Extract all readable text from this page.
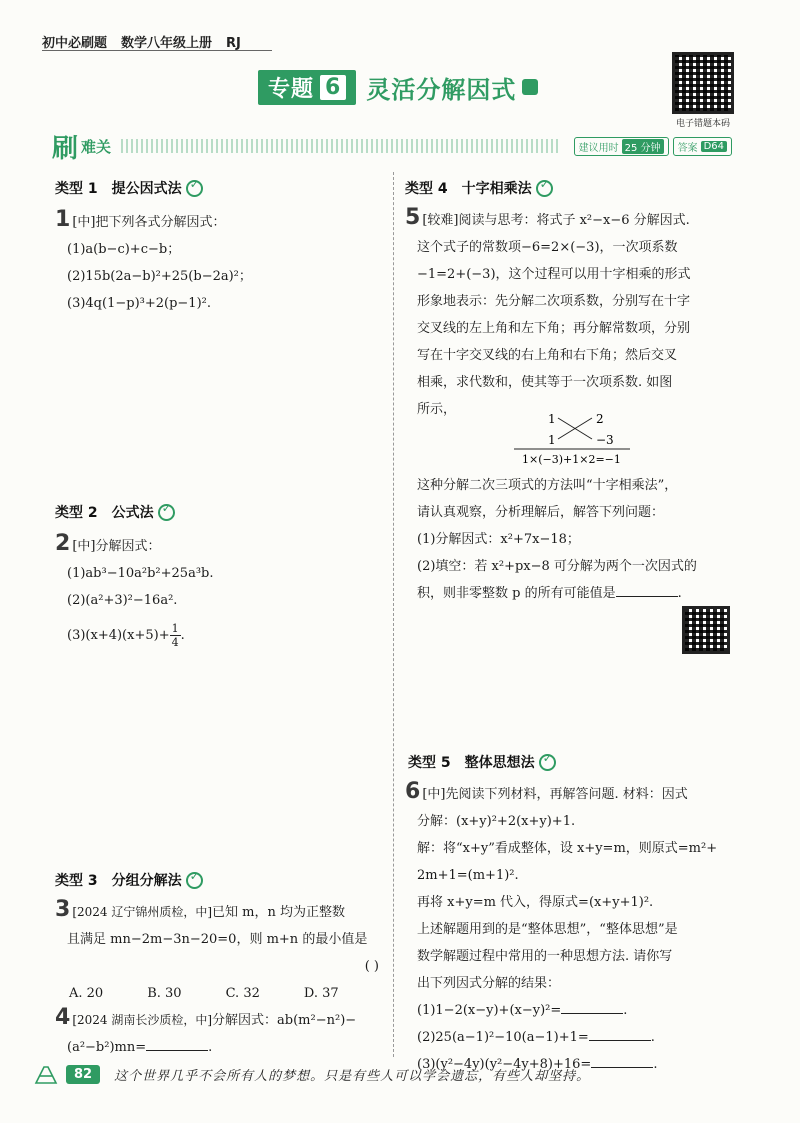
初中必刷题 数学八年级上册 RJ
专题 6 灵活分解因式
电子错题本码
刷 难关	建议用时 25 分钟	答案 D64
类型 1 提公因式法
✓
1 [中]把下列各式分解因式：
(1)a(b−c)+c−b；
(2)15b(2a−b)²+25(b−2a)²；
(3)4q(1−p)³+2(p−1)².
类型 2 公式法
✓
2 [中]分解因式：
(1)ab³−10a²b²+25a³b.
(2)(a²+3)²−16a².
$(3)(x+4)(x+5)+ \frac{1}{4}$ .
类型 3 分组分解法
✓
3 [2024 辽宁锦州质检，中]已知 m，n 均为正整数
且满足 mn−2m−3n−20=0，则 m+n 的最小值是
( )
A. 20	B. 30	C. 32	D. 37
4 [2024 湖南长沙质检，中]分解因式：ab(m²−n²)−
(a²−b²)mn=	.
类型 4 十字相乘法
✓
5 [较难]阅读与思考：将式子 x²−x−6 分解因式.
这个式子的常数项−6=2×(−3)，一次项系数
−1=2+(−3)，这个过程可以用十字相乘的形式
形象地表示：先分解二次项系数，分别写在十字
交叉线的左上角和左下角；再分解常数项，分别
写在十字交叉线的右上角和右下角；然后交叉
相乘，求代数和，使其等于一次项系数. 如图
所示，
1	2
1	−3
1×(−3)+1×2=−1
这种分解二次三项式的方法叫“十字相乘法”，
请认真观察，分析理解后，解答下列问题：
(1)分解因式：x²+7x−18；
(2)填空：若 x²+px−8 可分解为两个一次因式的
积，则非零整数 p 的所有可能值是	.
类型 5 整体思想法
✓
6 [中]先阅读下列材料，再解答问题. 材料：因式
分解：(x+y)²+2(x+y)+1.
解：将“x+y”看成整体，设 x+y=m，则原式=m²+
2m+1=(m+1)².
再将 x+y=m 代入，得原式=(x+y+1)².
上述解题用到的是“整体思想”，“整体思想”是
数学解题过程中常用的一种思想方法. 请你写
出下列因式分解的结果：
(1)1−2(x−y)+(x−y)²=	.
(2)25(a−1)²−10(a−1)+1=	.
(3)(y²−4y)(y²−4y+8)+16=	.
82	这个世界几乎不会所有人的梦想。只是有些人可以学会遗忘，有些人却坚持。
